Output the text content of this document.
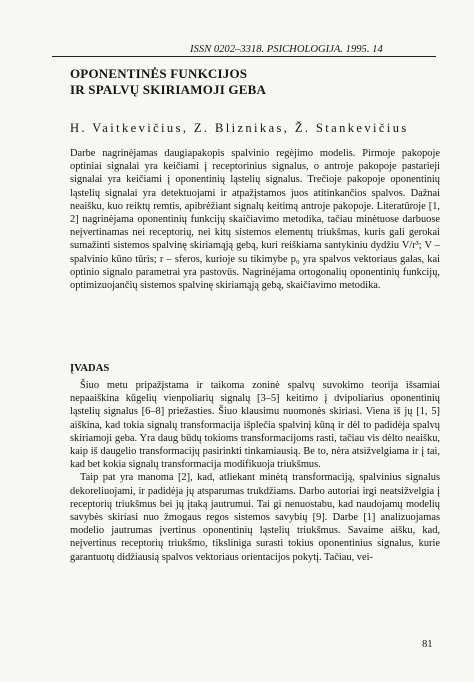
ISSN 0202–3318. PSICHOLOGIJA. 1995. 14
OPONENTINĖS FUNKCIJOS
IR SPALVŲ SKIRIAMOJI GEBA
H. Vaitkevičius, Z. Bliznikas, Ž. Stankevičius
Darbe nagrinėjamas daugiapakopis spalvinio regėjimo modelis. Pirmoje pakopoje optiniai signalai yra keičiami į receptorinius signalus, o antroje pakopoje pastarieji signalai yra keičiami į oponentinių ląstelių signalus. Trečioje pakopoje oponentinių ląstelių signalai yra detektuojami ir atpažįstamos juos atitinkančios spalvos. Dažnai neaišku, kuo reiktų remtis, apibrėžiant signalų keitimą antroje pakopoje. Literatūroje [1, 2] nagrinėjama oponentinių funkcijų skaičiavimo metodika, tačiau minėtuose darbuose neįvertinamas nei receptorių, nei kitų sistemos elementų triukšmas, kuris gali gerokai sumažinti sistemos spalvinę skiriamąją gebą, kuri reiškiama santykiniu dydžiu V/r³; V – spalvinio kūno tūris; r – sferos, kurioje su tikimybe p₀ yra spalvos vektoriaus galas, kai optinio signalo parametrai yra pastovūs. Nagrinėjama ortogonalių oponentinių funkcijų, optimizuojančių sistemos spalvinę skiriamąją gebą, skaičiavimo metodika.
ĮVADAS

Šiuo metu pripažįstama ir taikoma zoninė spalvų suvokimo teorija išsamiai nepaaiškina kūgelių vienpoliarių signalų [3–5] keitimo į dvipoliarius oponentinių ląstelių signalus [6–8] priežasties. Šiuo klausimu nuomonės skiriasi. Viena iš jų [1, 5] aiškina, kad tokia signalų transformacija išplečia spalvinį kūną ir dėl to padidėja spalvų skiriamoji geba. Yra daug būdų tokioms transformacijoms rasti, tačiau vis dėlto neaišku, kaip iš daugelio transformacijų pasirinkti tinkamiausią. Be to, nėra atsižvelgiama ir į tai, kad bet kokia signalų transformacija modifikuoja triukšmus.

Taip pat yra manoma [2], kad, atliekant minėtą transformaciją, spalvinius signalus dekoreliuojami, ir padidėja jų atsparumas trukdžiams. Darbo autoriai irgi neatsižvelgia į receptorių triukšmus bei jų įtaką jautrumui. Tai gi nenuostabu, kad naudojamų modelių savybės skiriasi nuo žmogaus regos sistemos savybių [9]. Darbe [1] analizuojamas modelio jautrumas įvertinus oponentinių ląstelių triukšmus. Savaime aišku, kad, neįvertinus receptorių triukšmo, tiksliniga surasti tokius oponentinius signalus, kurie garantuotų didžiausią spalvos vektoriaus orientacijos pokytį. Tačiau, vei-

81
